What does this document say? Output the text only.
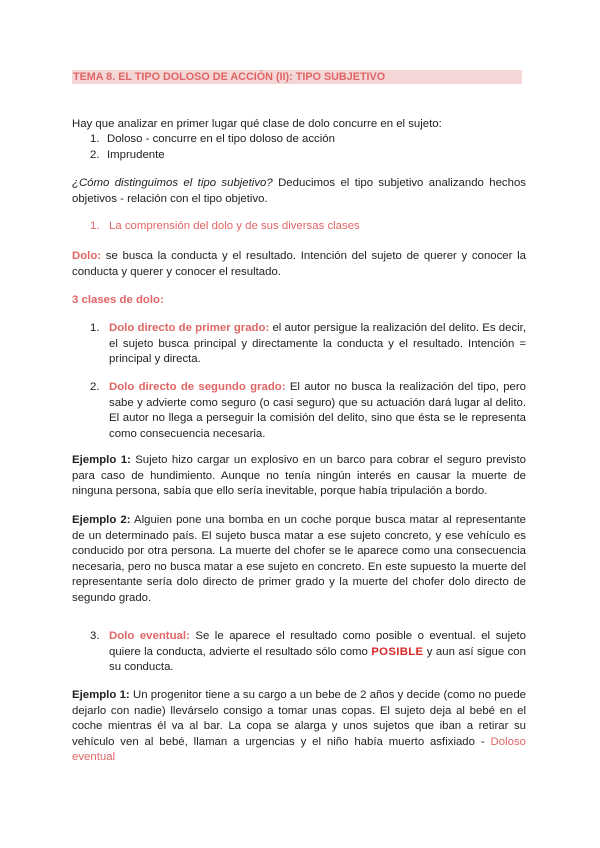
TEMA 8. EL TIPO DOLOSO DE ACCIÓN (II): TIPO SUBJETIVO

Hay que analizar en primer lugar qué clase de dolo concurre en el sujeto:

1. Doloso - concurre en el tipo doloso de acción
2. Imprudente

¿Cómo distinguimos el tipo subjetivo? Deducimos el tipo subjetivo analizando hechos objetivos - relación con el tipo objetivo.

1. La comprensión del dolo y de sus diversas clases

Dolo: se busca la conducta y el resultado. Intención del sujeto de querer y conocer la conducta y querer y conocer el resultado.

3 clases de dolo:
1. Dolo directo de primer grado: el autor persigue la realización del delito. Es decir, el sujeto busca principal y directamente la conducta y el resultado. Intención = principal y directa.
2. Dolo directo de segundo grado: El autor no busca la realización del tipo, pero sabe y advierte como seguro (o casi seguro) que su actuación dará lugar al delito. El autor no llega a perseguir la comisión del delito, sino que ésta se le representa como consecuencia necesaria.

Ejemplo 1: Sujeto hizo cargar un explosivo en un barco para cobrar el seguro previsto para caso de hundimiento. Aunque no tenía ningún interés en causar la muerte de ninguna persona, sabía que ello sería inevitable, porque había tripulación a bordo.

Ejemplo 2: Alguien pone una bomba en un coche porque busca matar al representante de un determinado país. El sujeto busca matar a ese sujeto concreto, y ese vehículo es conducido por otra persona. La muerte del chofer se le aparece como una consecuencia necesaria, pero no busca matar a ese sujeto en concreto. En este supuesto la muerte del representante sería dolo directo de primer grado y la muerte del chofer dolo directo de segundo grado.

3. Dolo eventual: Se le aparece el resultado como posible o eventual. el sujeto quiere la conducta, advierte el resultado sólo como POSIBLE y aun así sigue con su conducta.

Ejemplo 1: Un progenitor tiene a su cargo a un bebe de 2 años y decide (como no puede dejarlo con nadie) llevárselo consigo a tomar unas copas. El sujeto deja al bebé en el coche mientras él va al bar. La copa se alarga y unos sujetos que iban a retirar su vehículo ven al bebé, llaman a urgencias y el niño había muerto asfixiado - Doloso eventual
